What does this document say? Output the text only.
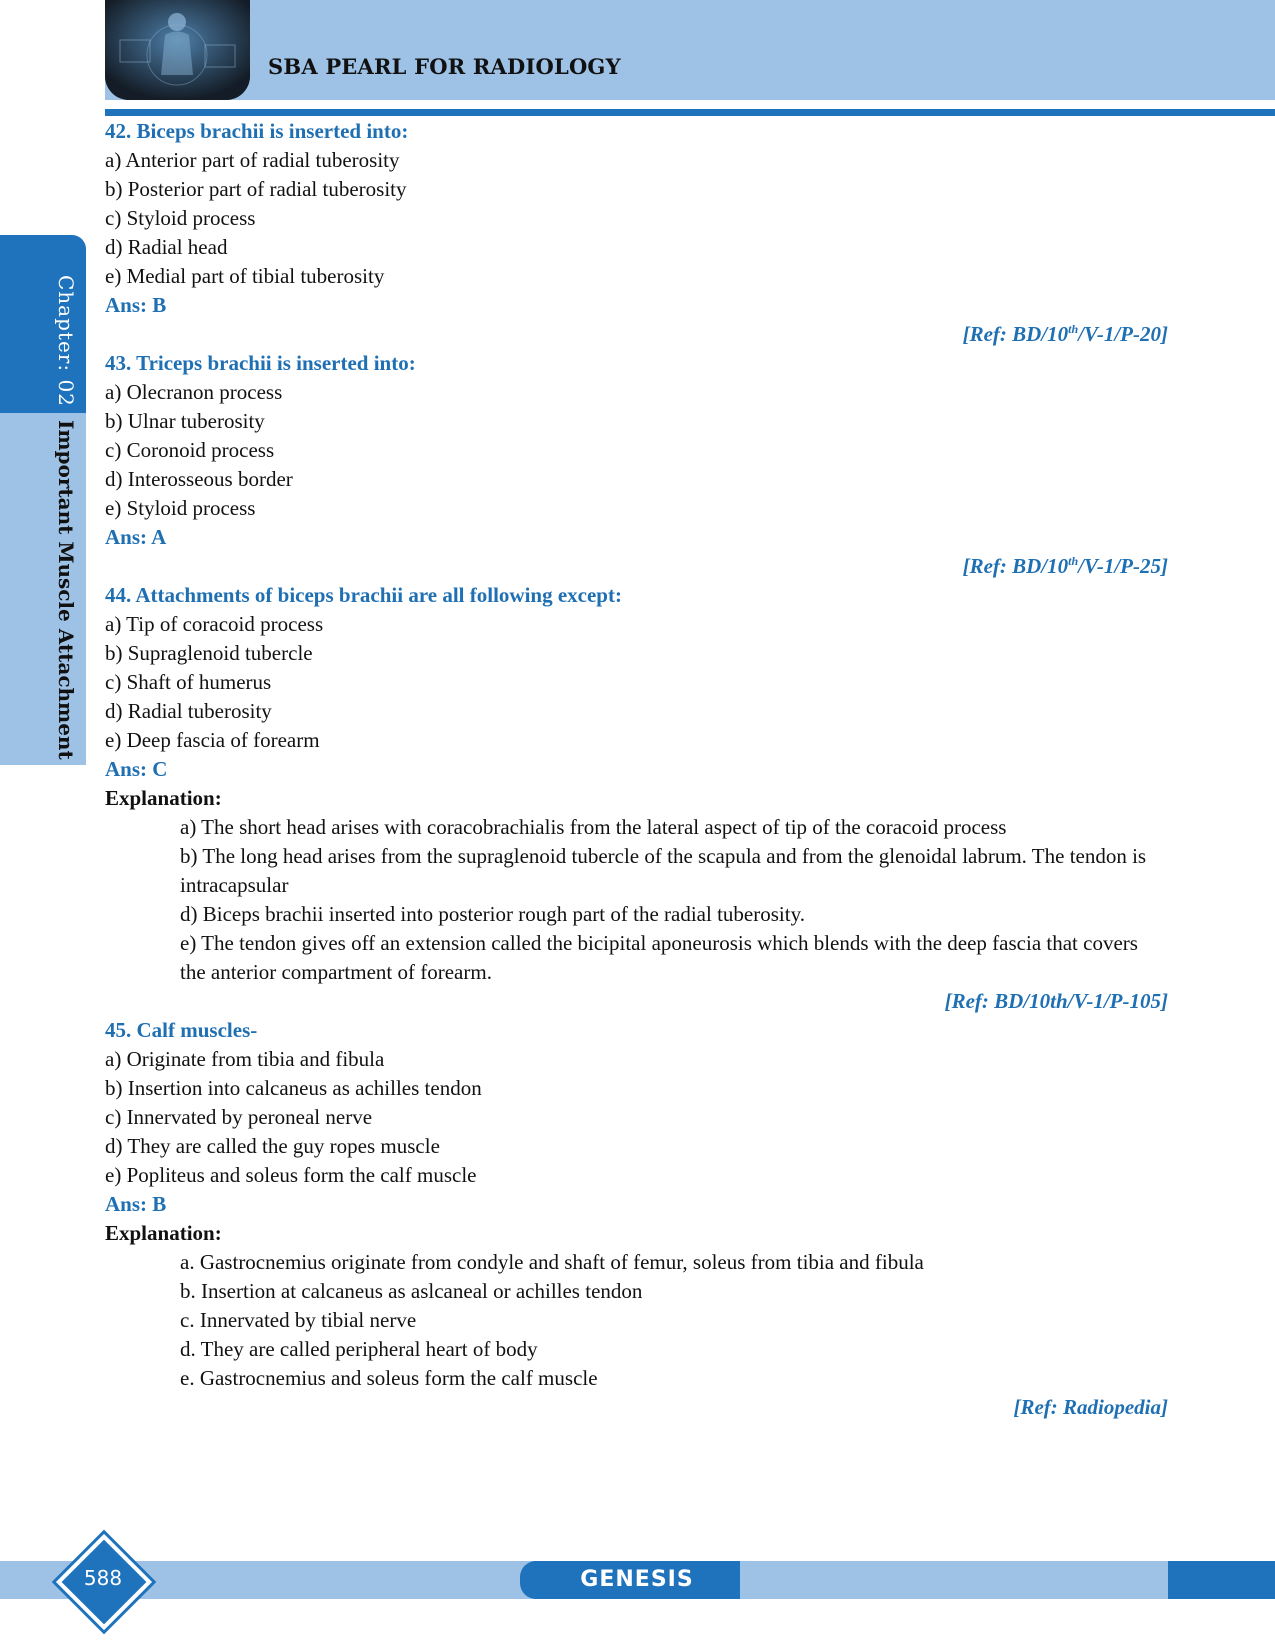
SBA PEARL FOR RADIOLOGY
Chapter: 02
Important Muscle Attachment
42. Biceps brachii is inserted into:
a) Anterior part of radial tuberosity
b) Posterior part of radial tuberosity
c) Styloid process
d) Radial head
e) Medial part of tibial tuberosity
Ans: B
[Ref: BD/10th/V-1/P-20]
43. Triceps brachii is inserted into:
a) Olecranon process
b) Ulnar tuberosity
c) Coronoid process
d) Interosseous border
e) Styloid process
Ans: A
[Ref: BD/10th/V-1/P-25]
44. Attachments of biceps brachii are all following except:
a) Tip of coracoid process
b) Supraglenoid tubercle
c) Shaft of humerus
d) Radial tuberosity
e) Deep fascia of forearm
Ans: C
Explanation:
a) The short head arises with coracobrachialis from the lateral aspect of tip of the coracoid process
b) The long head arises from the supraglenoid tubercle of the scapula and from the glenoidal labrum. The tendon is intracapsular
d) Biceps brachii inserted into posterior rough part of the radial tuberosity.
e) The tendon gives off an extension called the bicipital aponeurosis which blends with the deep fascia that covers the anterior compartment of forearm.
[Ref: BD/10th/V-1/P-105]
45. Calf muscles-
a) Originate from tibia and fibula
b) Insertion into calcaneus as achilles tendon
c) Innervated by peroneal nerve
d) They are called the guy ropes muscle
e) Popliteus and soleus form the calf muscle
Ans: B
Explanation:
a. Gastrocnemius originate from condyle and shaft of femur, soleus from tibia and fibula
b. Insertion at calcaneus as aslcaneal or achilles tendon
c. Innervated by tibial nerve
d. They are called peripheral heart of body
e. Gastrocnemius and soleus form the calf muscle
[Ref: Radiopedia]
GENESIS
588
